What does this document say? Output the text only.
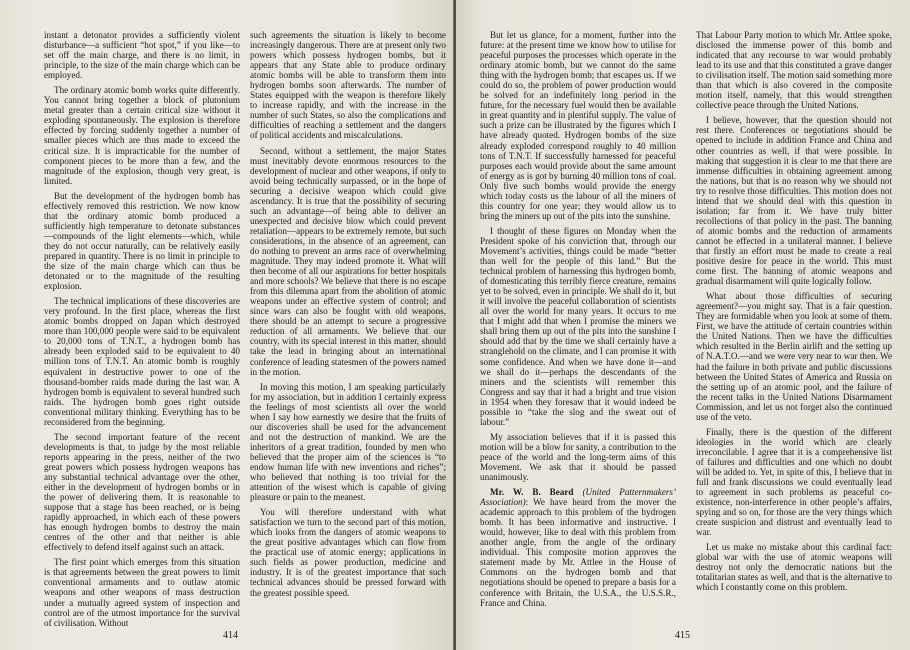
(C) TUC Library Collections

instant a detonator provides a sufficiently violent disturbance—a sufficient “hot spot,” if you like—to set off the main charge, and there is no limit, in principle, to the size of the main charge which can be employed.

The ordinary atomic bomb works quite differently. You cannot bring together a block of plutonium metal greater than a certain critical size without it exploding spontaneously. The explosion is therefore effected by forcing suddenly together a number of smaller pieces which are thus made to exceed the critical size. It is impracticable for the number of component pieces to be more than a few, and the magnitude of the explosion, though very great, is limited.

But the development of the hydrogen bomb has effectively removed this restriction. We now know that the ordinary atomic bomb produced a sufficiently high temperature to detonate substances—compounds of the light elements—which, while they do not occur naturally, can be relatively easily prepared in quantity. There is no limit in principle to the size of the main charge which can thus be detonated or to the magnitude of the resulting explosion.

The technical implications of these discoveries are very profound. In the first place, whereas the first atomic bombs dropped on Japan which destroyed more than 100,000 people were said to be equivalent to 20,000 tons of T.N.T., a hydrogen bomb has already been exploded said to be equivalent to 40 million tons of T.N.T. An atomic bomb is roughly equivalent in destructive power to one of the thousand-bomber raids made during the last war. A hydrogen bomb is equivalent to several hundred such raids. The hydrogen bomb goes right outside conventional military thinking. Everything has to be reconsidered from the beginning.

The second important feature of the recent developments is that, to judge by the most reliable reports appearing in the press, neither of the two great powers which possess hydrogen weapons has any substantial technical advantage over the other, either in the development of hydrogen bombs or in the power of delivering them. It is reasonable to suppose that a stage has been reached, or is being rapidly approached, in which each of these powers has enough hydrogen bombs to destroy the main centres of the other and that neither is able effectively to defend itself against such an attack.

The first point which emerges from this situation is that agreements between the great powers to limit conventional armaments and to outlaw atomic weapons and other weapons of mass destruction under a mutually agreed system of inspection and control are of the utmost importance for the survival of civilisation. Without

such agreements the situation is likely to become increasingly dangerous. There are at present only two powers which possess hydrogen bombs, but it appears that any State able to produce ordinary atomic bombs will be able to transform them into hydrogen bombs soon afterwards. The number of States equipped with the weapon is therefore likely to increase rapidly, and with the increase in the number of such States, so also the complications and difficulties of reaching a settlement and the dangers of political accidents and miscalculations.

Second, without a settlement, the major States must inevitably devote enormous resources to the development of nuclear and other weapons, if only to avoid being technically surpassed, or in the hope of securing a decisive weapon which could give ascendancy. It is true that the possibility of securing such an advantage—of being able to deliver an unexpected and decisive blow which could prevent retaliation—appears to be extremely remote, but such considerations, in the absence of an agreement, can do nothing to prevent an arms race of overwhelming magnitude. They may indeed promote it. What will then become of all our aspirations for better hospitals and more schools? We believe that there is no escape from this dilemma apart from the abolition of atomic weapons under an effective system of control; and since wars can also be fought with old weapons, there should be an attempt to secure a progressive reduction of all armaments. We believe that our country, with its special interest in this matter, should take the lead in bringing about an international conference of leading statesmen of the powers named in the motion.

In moving this motion, I am speaking particularly for my association, but in addition I certainly express the feelings of most scientists all over the world when I say how earnestly we desire that the fruits of our discoveries shall be used for the advancement and not the destruction of mankind. We are the inheritors of a great tradition, founded by men who believed that the proper aim of the sciences is “to endow human life with new inventions and riches”; who believed that nothing is too trivial for the attention of the wisest which is capable of giving pleasure or pain to the meanest.

You will therefore understand with what satisfaction we turn to the second part of this motion, which looks from the dangers of atomic weapons to the great positive advantages which can flow from the practical use of atomic energy; applications in such fields as power production, medicine and industry. It is of the greatest importance that such technical advances should be pressed forward with the greatest possible speed.

414

But let us glance, for a moment, further into the future: at the present time we know how to utilise for peaceful purposes the processes which operate in the ordinary atomic bomb, but we cannot do the same thing with the hydrogen bomb; that escapes us. If we could do so, the problem of power production would be solved for an indefinitely long period in the future, for the necessary fuel would then be available in great quantity and in plentiful supply. The value of such a prize can be illustrated by the figures which I have already quoted. Hydrogen bombs of the size already exploded correspond roughly to 40 million tons of T.N.T. If successfully harnessed for peaceful purposes each would provide about the same amount of energy as is got by burning 40 million tons of coal. Only five such bombs would provide the energy which today costs us the labour of all the miners of this country for one year; they would allow us to bring the miners up out of the pits into the sunshine.

I thought of these figures on Monday when the President spoke of his conviction that, through our Movement’s activities, things could be made “better than well for the people of this land.” But the technical problem of harnessing this hydrogen bomb, of domesticating this terribly fierce creature, remains yet to be solved, even in principle. We shall do it, but it will involve the peaceful collaboration of scientists all over the world for many years. It occurs to me that I might add that when I promise the miners we shall bring them up out of the pits into the sunshine I should add that by the time we shall certainly have a stranglehold on the climate, and I can promise it with some confidence. And when we have done it—and we shall do it—perhaps the descendants of the miners and the scientists will remember this Congress and say that it had a bright and true vision in 1954 when they foresaw that it would indeed be possible to “take the slog and the sweat out of labour.”

My association believes that if it is passed this motion will be a blow for sanity, a contribution to the peace of the world and the long-term aims of this Movement. We ask that it should be passed unanimously.

Mr. W. B. Beard (United Patternmakers’ Association): We have heard from the mover the academic approach to this problem of the hydrogen bomb. It has been informative and instructive. I would, however, like to deal with this problem from another angle, from the angle of the ordinary individual. This composite motion approves the statement made by Mr. Attlee in the House of Commons on the hydrogen bomb and that negotiations should be opened to prepare a basis for a conference with Britain, the U.S.A., the U.S.S.R., France and China.

That Labour Party motion to which Mr. Attlee spoke, disclosed the immense power of this bomb and indicated that any recourse to war would probably lead to its use and that this constituted a grave danger to civilisation itself. The motion said something more than that which is also covered in the composite motion itself, namely, that this would strengthen collective peace through the United Nations.

I believe, however, that the question should not rest there. Conferences or negotiations should be opened to include in addition France and China and other countries as well, if that were possible. In making that suggestion it is clear to me that there are immense difficulties in obtaining agreement among the nations, but that is no reason why we should not try to resolve those difficulties. This motion does not intend that we should deal with this question in isolation; far from it. We have truly bitter recollections of that policy in the past. The banning of atomic bombs and the reduction of armaments cannot be effected in a unilateral manner. I believe that firstly an effort must be made to create a real positive desire for peace in the world. This must come first. The banning of atomic weapons and gradual disarmament will quite logically follow.

What about those difficulties of securing agreement?—you might say. That is a fair question. They are formidable when you look at some of them. First, we have the attitude of certain countries within the United Nations. Then we have the difficulties which resulted in the Berlin airlift and the setting up of N.A.T.O.—and we were very near to war then. We had the failure in both private and public discussions between the United States of America and Russia on the setting up of an atomic pool, and the failure of the recent talks in the United Nations Disarmament Commission, and let us not forget also the continued use of the veto.

Finally, there is the question of the different ideologies in the world which are clearly irreconcilable. I agree that it is a comprehensive list of failures and difficulties and one which no doubt will be added to. Yet, in spite of this, I believe that in full and frank discussions we could eventually lead to agreement in such problems as peaceful co-existence, non-interference in other people’s affairs, spying and so on, for those are the very things which create suspicion and distrust and eventually lead to war.

Let us make no mistake about this cardinal fact: global war with the use of atomic weapons will destroy not only the democratic nations but the totalitarian states as well, and that is the alternative to which I constantly come on this problem.

415
